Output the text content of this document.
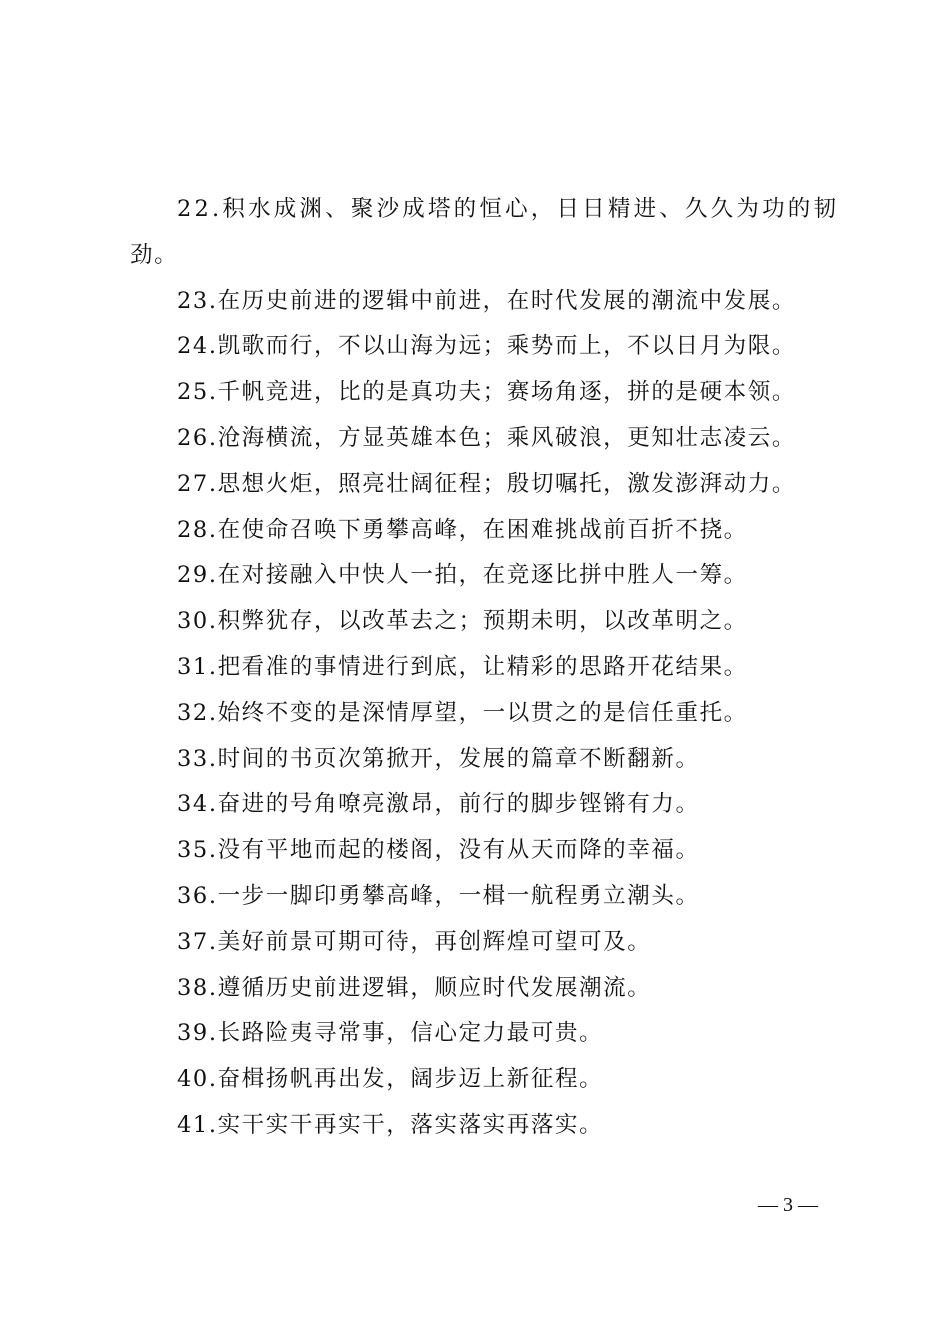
22.积水成渊、聚沙成塔的恒心，日日精进、久久为功的韧
劲。
23.在历史前进的逻辑中前进，在时代发展的潮流中发展。
24.凯歌而行，不以山海为远；乘势而上，不以日月为限。
25.千帆竞进，比的是真功夫；赛场角逐，拼的是硬本领。
26.沧海横流，方显英雄本色；乘风破浪，更知壮志凌云。
27.思想火炬，照亮壮阔征程；殷切嘱托，激发澎湃动力。
28.在使命召唤下勇攀高峰，在困难挑战前百折不挠。
29.在对接融入中快人一拍，在竞逐比拼中胜人一筹。
30.积弊犹存，以改革去之；预期未明，以改革明之。
31.把看准的事情进行到底，让精彩的思路开花结果。
32.始终不变的是深情厚望，一以贯之的是信任重托。
33.时间的书页次第掀开，发展的篇章不断翻新。
34.奋进的号角嘹亮激昂，前行的脚步铿锵有力。
35.没有平地而起的楼阁，没有从天而降的幸福。
36.一步一脚印勇攀高峰，一楫一航程勇立潮头。
37.美好前景可期可待，再创辉煌可望可及。
38.遵循历史前进逻辑，顺应时代发展潮流。
39.长路险夷寻常事，信心定力最可贵。
40.奋楫扬帆再出发，阔步迈上新征程。
41.实干实干再实干，落实落实再落实。
— 3 —
